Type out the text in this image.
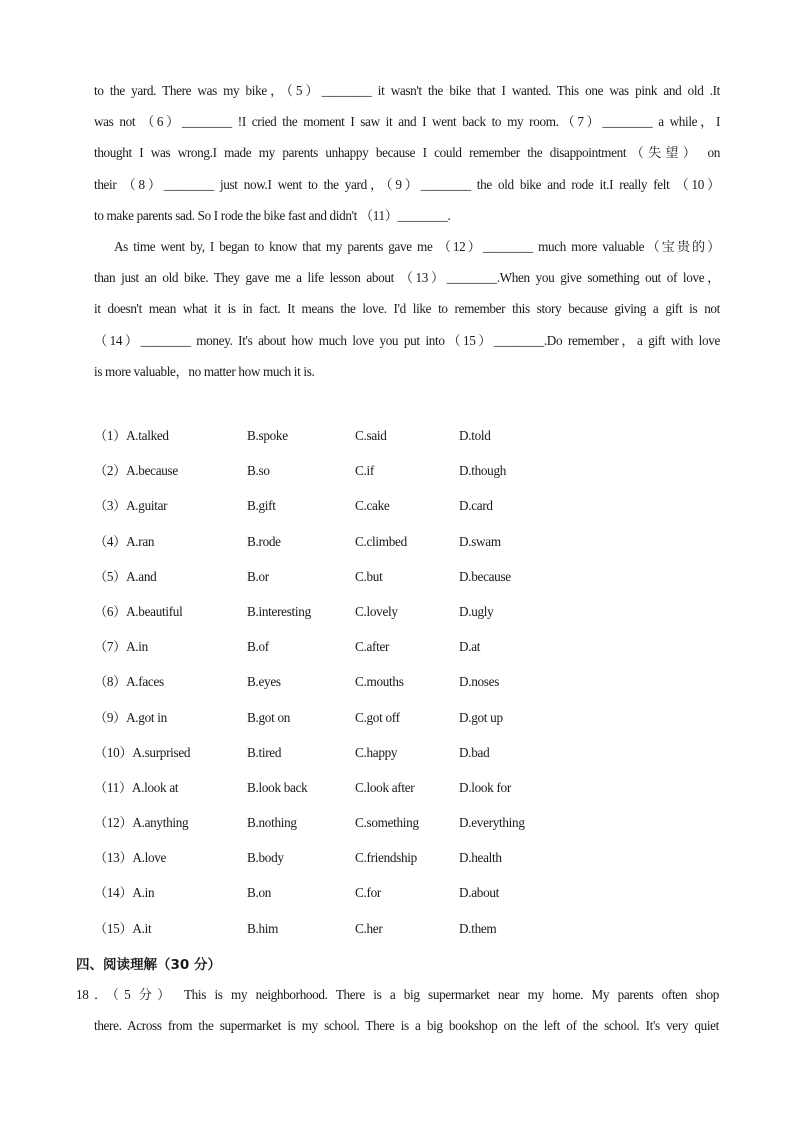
to the yard. There was my bike，（5）________ it wasn't the bike that I wanted. This one was pink and old .It
was not （6）________ !I cried the moment I saw it and I went back to my room.（7）________ a while，I
thought I was wrong.I made my parents unhappy because I could remember the disappointment（失望） on
their （8）________ just now.I went to the yard，（9）________ the old bike and rode it.I really felt （10）
to make parents sad. So I rode the bike fast and didn't （11）________.
As time went by, I began to know that my parents gave me （12）________ much more valuable（宝贵的）
than just an old bike. They gave me a life lesson about （13）________.When you give something out of love，
it doesn't mean what it is in fact. It means the love. I'd like to remember this story because giving a gift is not
（14）________ money. It's about how much love you put into（15）________.Do remember，a gift with love
is more valuable，no matter how much it is.
（1）A.talked	B.spoke	C.said	D.told
（2）A.because	B.so	C.if	D.though
（3）A.guitar	B.gift	C.cake	D.card
（4）A.ran	B.rode	C.climbed	D.swam
（5）A.and	B.or	C.but	D.because
（6）A.beautiful	B.interesting	C.lovely	D.ugly
（7）A.in	B.of	C.after	D.at
（8）A.faces	B.eyes	C.mouths	D.noses
（9）A.got in	B.got on	C.got off	D.got up
（10）A.surprised	B.tired	C.happy	D.bad
（11）A.look at	B.look back	C.look after	D.look for
（12）A.anything	B.nothing	C.something	D.everything
（13）A.love	B.body	C.friendship	D.health
（14）A.in	B.on	C.for	D.about
（15）A.it	B.him	C.her	D.them
四、阅读理解（30 分）
18．（5 分） This is my neighborhood. There is a big supermarket near my home. My parents often shop
there. Across from the supermarket is my school. There is a big bookshop on the left of the school. It's very quiet
